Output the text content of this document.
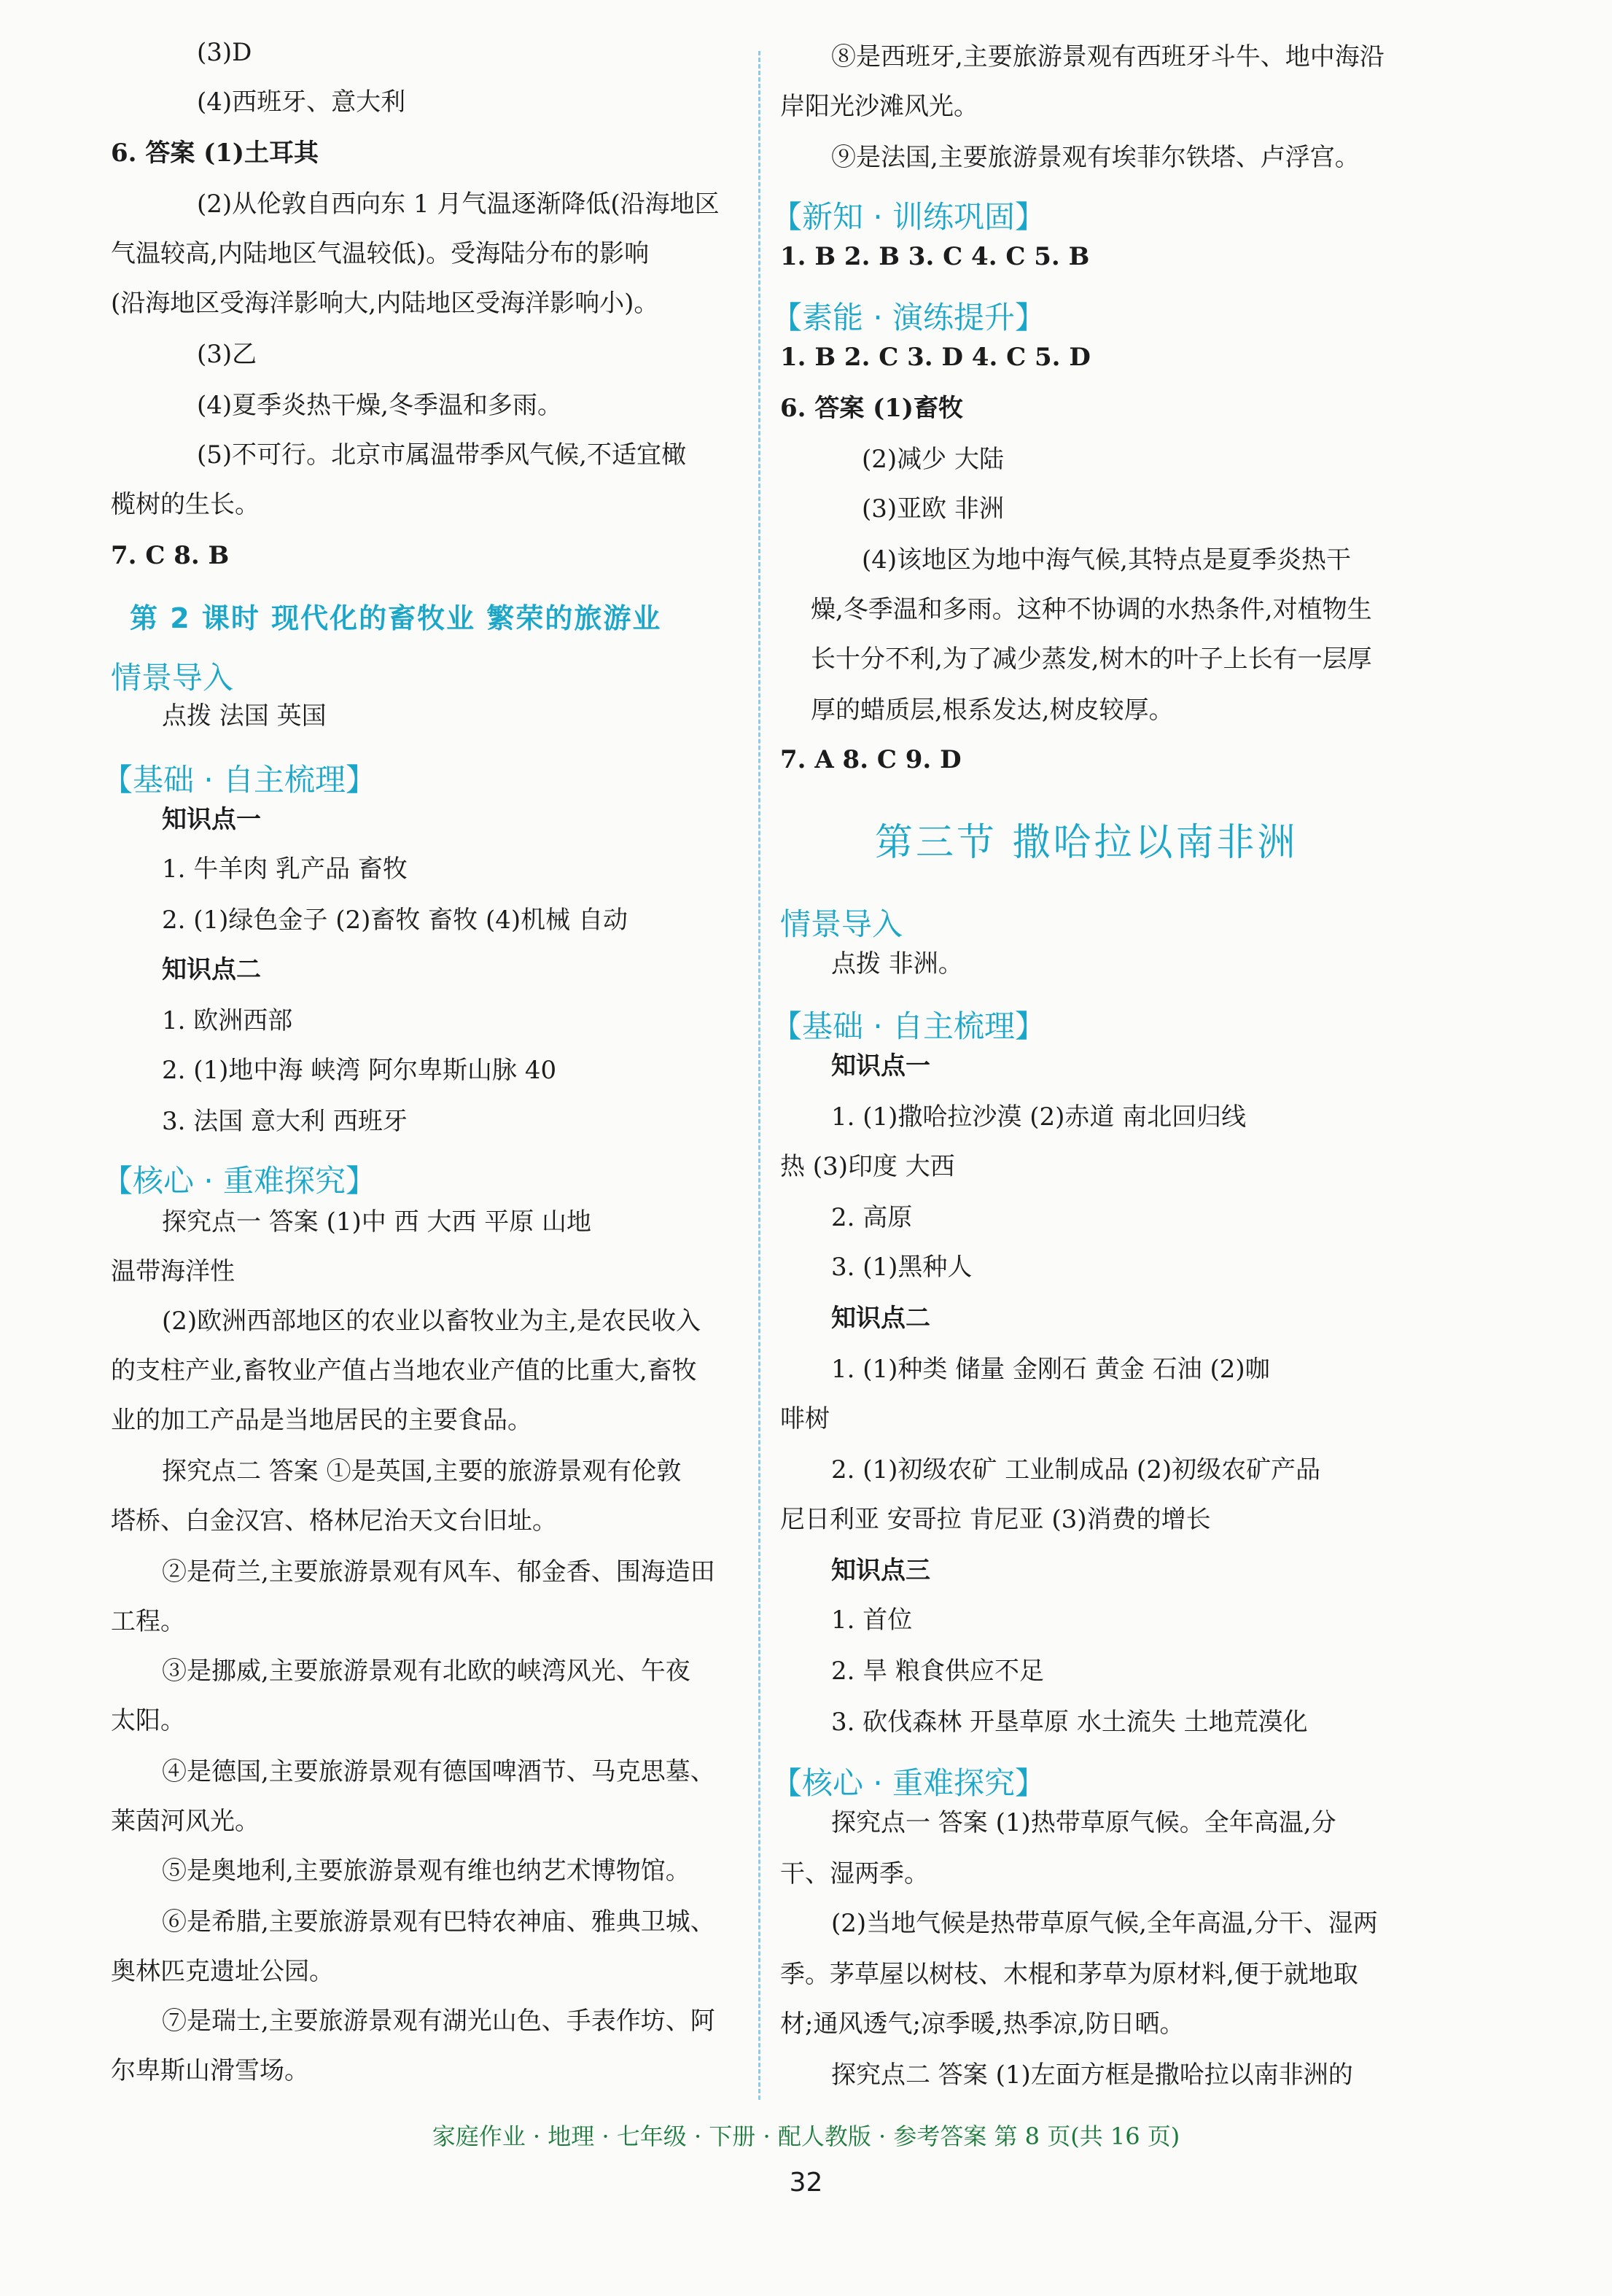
第 2 课时 现代化的畜牧业 繁荣的旅游业
情景导入
【基础 · 自主梳理】
【核心 · 重难探究】
(3)D
(4)西班牙、意大利
6. 答案 (1)土耳其
(2)从伦敦自西向东 1 月气温逐渐降低(沿海地区
气温较高,内陆地区气温较低)。受海陆分布的影响
(沿海地区受海洋影响大,内陆地区受海洋影响小)。
(3)乙
(4)夏季炎热干燥,冬季温和多雨。
(5)不可行。北京市属温带季风气候,不适宜橄
榄树的生长。
7. C 8. B
点拨 法国 英国
知识点一
1. 牛羊肉 乳产品 畜牧
2. (1)绿色金子 (2)畜牧 畜牧 (4)机械 自动
知识点二
1. 欧洲西部
2. (1)地中海 峡湾 阿尔卑斯山脉 40
3. 法国 意大利 西班牙
探究点一 答案 (1)中 西 大西 平原 山地
温带海洋性
(2)欧洲西部地区的农业以畜牧业为主,是农民收入
的支柱产业,畜牧业产值占当地农业产值的比重大,畜牧
业的加工产品是当地居民的主要食品。
探究点二 答案 ①是英国,主要的旅游景观有伦敦
塔桥、白金汉宫、格林尼治天文台旧址。
②是荷兰,主要旅游景观有风车、郁金香、围海造田
工程。
③是挪威,主要旅游景观有北欧的峡湾风光、午夜
太阳。
④是德国,主要旅游景观有德国啤酒节、马克思墓、
莱茵河风光。
⑤是奥地利,主要旅游景观有维也纳艺术博物馆。
⑥是希腊,主要旅游景观有巴特农神庙、雅典卫城、
奥林匹克遗址公园。
⑦是瑞士,主要旅游景观有湖光山色、手表作坊、阿
尔卑斯山滑雪场。
【新知 · 训练巩固】
【素能 · 演练提升】
第三节 撒哈拉以南非洲
情景导入
【基础 · 自主梳理】
【核心 · 重难探究】
⑧是西班牙,主要旅游景观有西班牙斗牛、地中海沿
岸阳光沙滩风光。
⑨是法国,主要旅游景观有埃菲尔铁塔、卢浮宫。
1. B 2. B 3. C 4. C 5. B
1. B 2. C 3. D 4. C 5. D
6. 答案 (1)畜牧
(2)减少 大陆
(3)亚欧 非洲
(4)该地区为地中海气候,其特点是夏季炎热干
燥,冬季温和多雨。这种不协调的水热条件,对植物生
长十分不利,为了减少蒸发,树木的叶子上长有一层厚
厚的蜡质层,根系发达,树皮较厚。
7. A 8. C 9. D
点拨 非洲。
知识点一
1. (1)撒哈拉沙漠 (2)赤道 南北回归线
热 (3)印度 大西
2. 高原
3. (1)黑种人
知识点二
1. (1)种类 储量 金刚石 黄金 石油 (2)咖
啡树
2. (1)初级农矿 工业制成品 (2)初级农矿产品
尼日利亚 安哥拉 肯尼亚 (3)消费的增长
知识点三
1. 首位
2. 旱 粮食供应不足
3. 砍伐森林 开垦草原 水土流失 土地荒漠化
探究点一 答案 (1)热带草原气候。全年高温,分
干、湿两季。
(2)当地气候是热带草原气候,全年高温,分干、湿两
季。茅草屋以树枝、木棍和茅草为原材料,便于就地取
材;通风透气;凉季暖,热季凉,防日晒。
探究点二 答案 (1)左面方框是撒哈拉以南非洲的
家庭作业 · 地理 · 七年级 · 下册 · 配人教版 · 参考答案 第 8 页(共 16 页)
32
